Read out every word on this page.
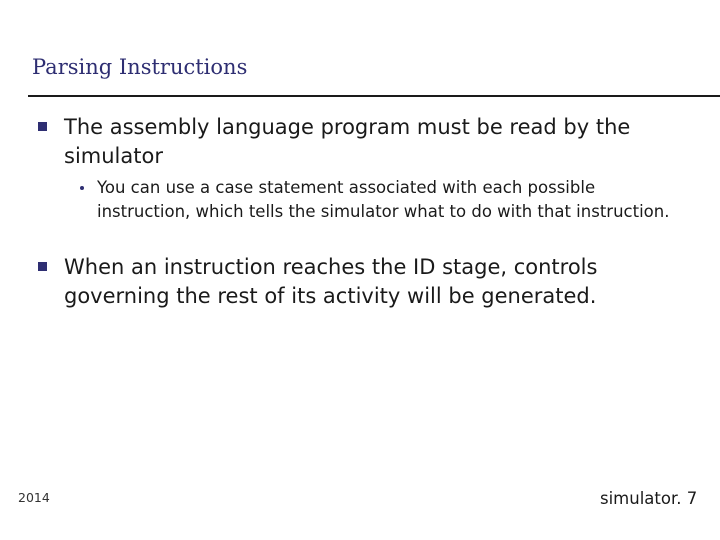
Parsing Instructions
The assembly language program must be read by the simulator
You can use a case statement associated with each possible instruction, which tells the simulator what to do with that instruction.
When an instruction reaches the ID stage, controls governing the rest of its activity will be generated.
2014	simulator. 7
